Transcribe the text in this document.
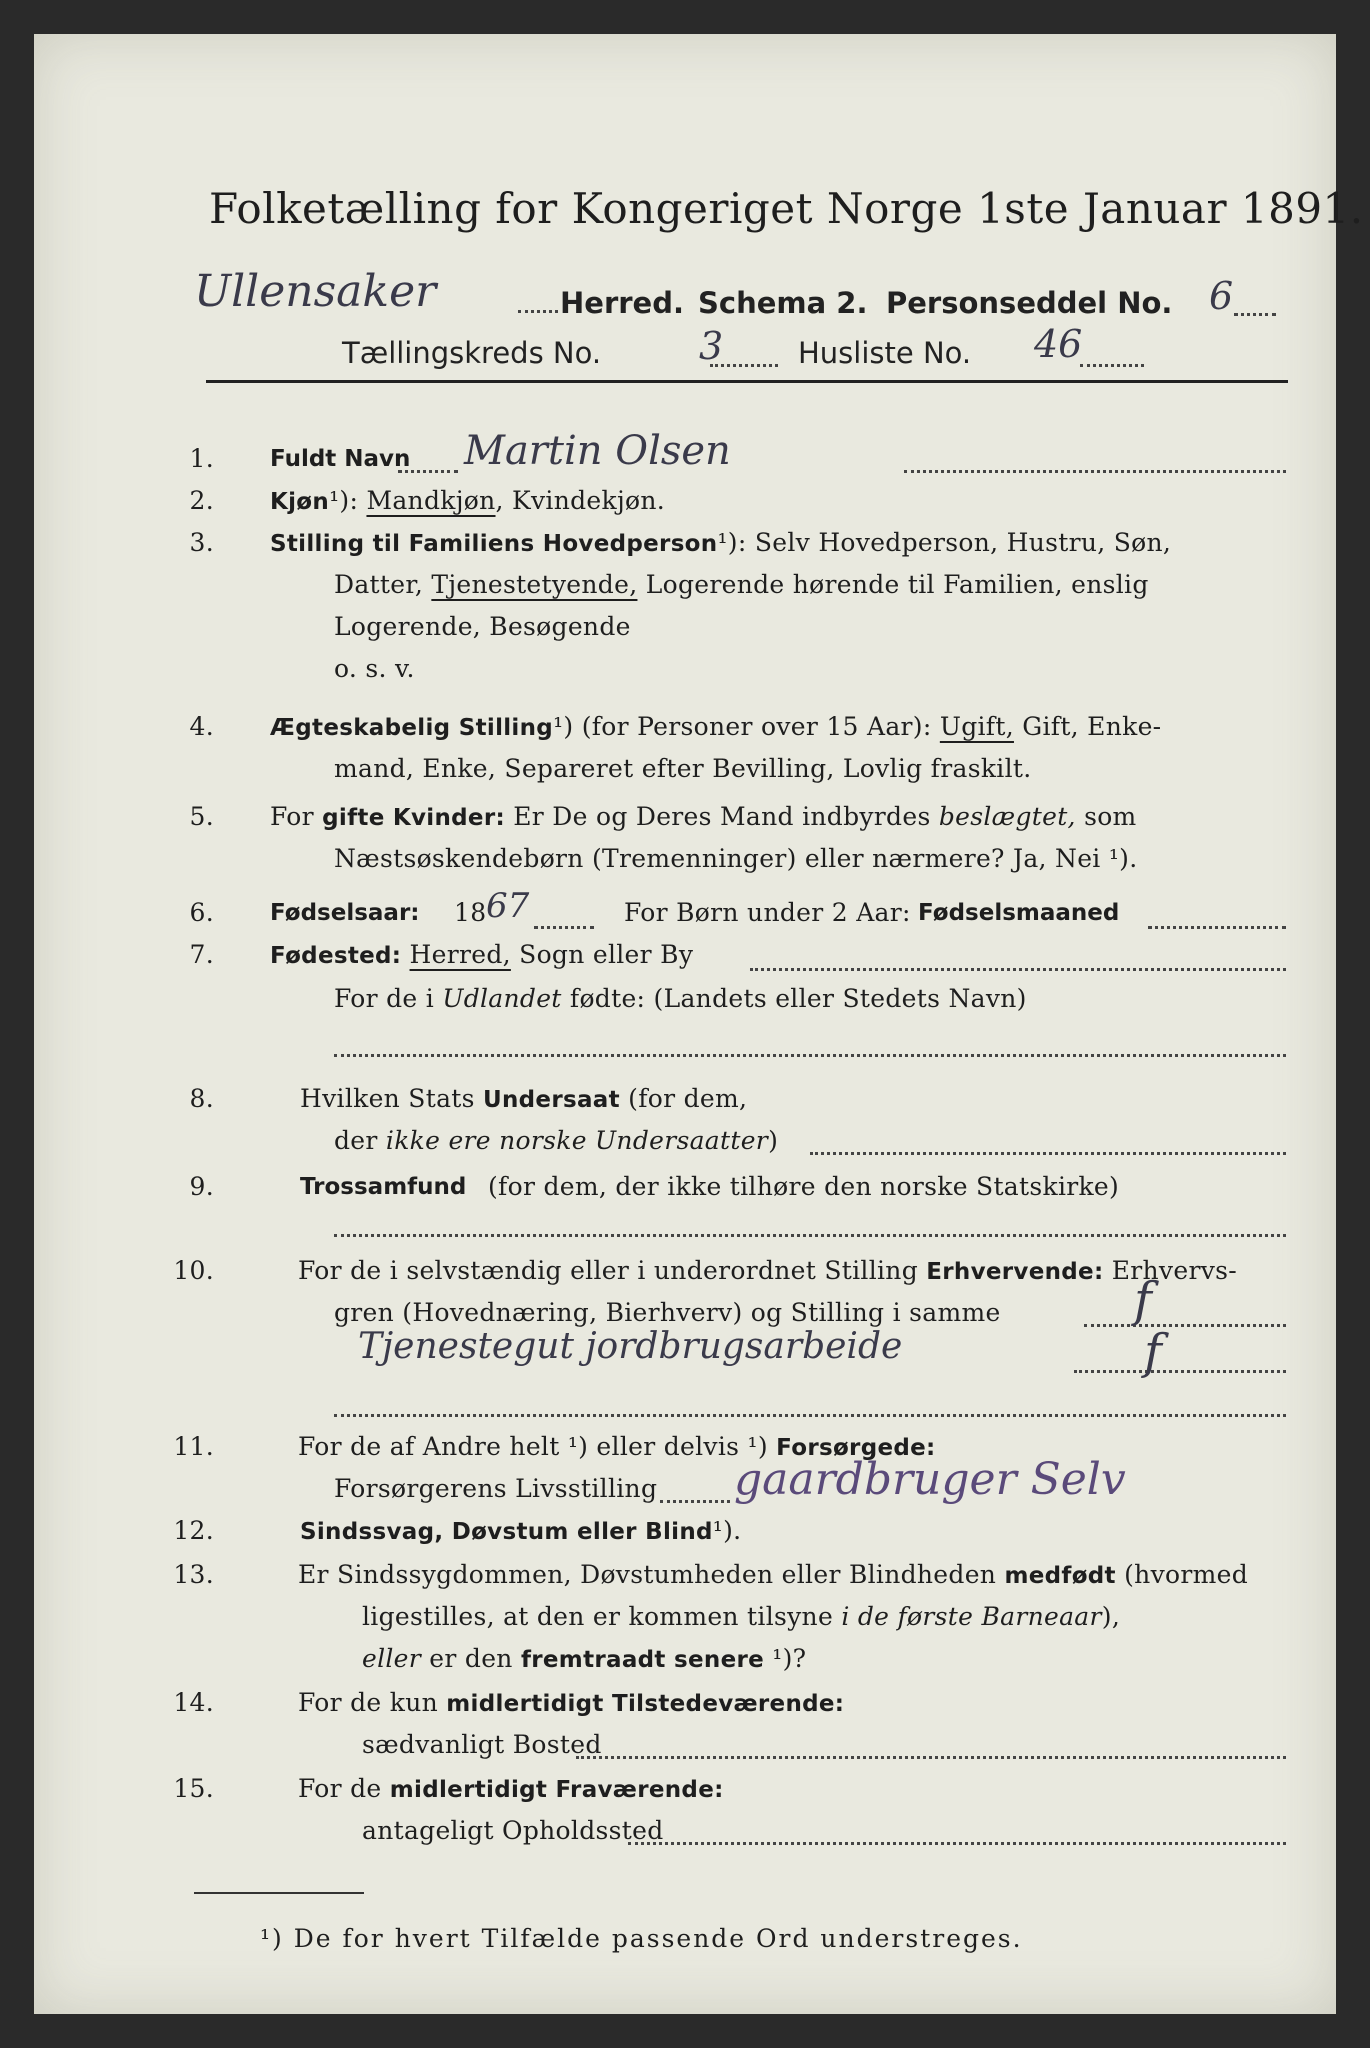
Folketælling for Kongeriget Norge 1ste Januar 1891.
Ullensaker	Herred. Schema 2. Personseddel No. 6
Tællingskreds No.	3	Husliste No. 46
1. Fuldt Navn Martin Olsen
2. Kjøn¹): Mandkjøn, Kvindekjøn.
3. Stilling til Familiens Hovedperson¹): Selv Hovedperson, Hustru, Søn,
Datter, Tjenestetyende, Logerende hørende til Familien, enslig
Logerende, Besøgende
o. s. v.
4. Ægteskabelig Stilling¹) (for Personer over 15 Aar): Ugift, Gift, Enke-
mand, Enke, Separeret efter Bevilling, Lovlig fraskilt.
5. For gifte Kvinder: Er De og Deres Mand indbyrdes beslægtet, som
Næstsøskendebørn (Tremenninger) eller nærmere? Ja, Nei ¹).
6. Fødselsaar: 18 67	For Børn under 2 Aar: Fødselsmaaned
7. Fødested: Herred, Sogn eller By
For de i Udlandet fødte: (Landets eller Stedets Navn)
8.	Hvilken Stats Undersaat (for dem,
der ikke ere norske Undersaatter)
9.	Trossamfund (for dem, der ikke tilhøre den norske Statskirke)
10.	For de i selvstændig eller i underordnet Stilling Erhvervende: Erhvervs-
gren (Hovednæring, Bierhverv) og Stilling i samme	f
Tjenestegut jordbrugsarbeide	f
11.	For de af Andre helt ¹) eller delvis ¹) Forsørgede:
Forsørgerens Livsstilling gaardbruger Selv
12.	Sindssvag, Døvstum eller Blind¹).
13.	Er Sindssygdommen, Døvstumheden eller Blindheden medfødt (hvormed
ligestilles, at den er kommen tilsyne i de første Barneaar),
eller er den fremtraadt senere ¹)?
14.	For de kun midlertidigt Tilstedeværende:
sædvanligt Bosted
15.	For de midlertidigt Fraværende:
antageligt Opholdssted
¹) De for hvert Tilfælde passende Ord understreges.
